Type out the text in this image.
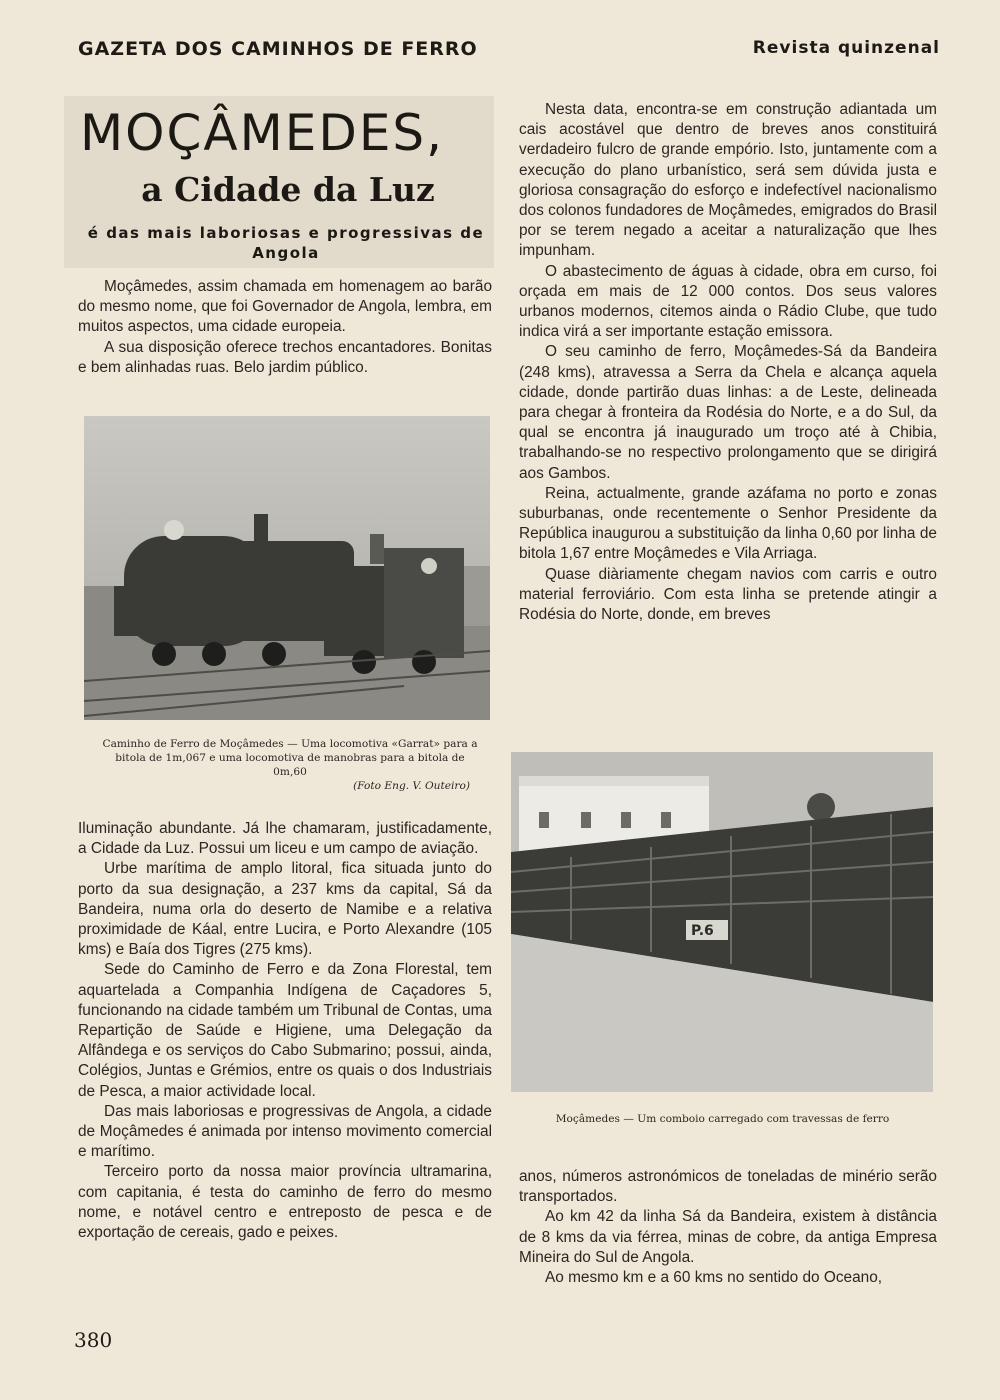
GAZETA DOS CAMINHOS DE FERRO	Revista quinzenal
MOÇÂMEDES,
a Cidade da Luz
é das mais laboriosas e progressivas de Angola

Moçâmedes, assim chamada em homenagem ao barão do mesmo nome, que foi Governador de Angola, lembra, em muitos aspectos, uma cidade europeia.

A sua disposição oferece trechos encantadores. Bonitas e bem alinhadas ruas. Belo jardim público.

Caminho de Ferro de Moçâmedes — Uma locomotiva «Garrat» para a bitola de 1m,067 e uma locomotiva de manobras para a bitola de 0m,60
(Foto Eng. V. Outeiro)

Iluminação abundante. Já lhe chamaram, justificadamente, a Cidade da Luz. Possui um liceu e um campo de aviação.

Urbe marítima de amplo litoral, fica situada junto do porto da sua designação, a 237 kms da capital, Sá da Bandeira, numa orla do deserto de Namibe e a relativa proximidade de Káal, entre Lucira, e Porto Alexandre (105 kms) e Baía dos Tigres (275 kms).

Sede do Caminho de Ferro e da Zona Florestal, tem aquartelada a Companhia Indígena de Caçadores 5, funcionando na cidade também um Tribunal de Contas, uma Repartição de Saúde e Higiene, uma Delegação da Alfândega e os serviços do Cabo Submarino; possui, ainda, Colégios, Juntas e Grémios, entre os quais o dos Industriais de Pesca, a maior actividade local.

Das mais laboriosas e progressivas de Angola, a cidade de Moçâmedes é animada por intenso movimento comercial e marítimo.

Terceiro porto da nossa maior província ultramarina, com capitania, é testa do caminho de ferro do mesmo nome, e notável centro e entreposto de pesca e de exportação de cereais, gado e peixes.

Nesta data, encontra-se em construção adiantada um cais acostável que dentro de breves anos constituirá verdadeiro fulcro de grande empório. Isto, juntamente com a execução do plano urbanístico, será sem dúvida justa e gloriosa consagração do esforço e indefectível nacionalismo dos colonos fundadores de Moçâmedes, emigrados do Brasil por se terem negado a aceitar a naturalização que lhes impunham.

O abastecimento de águas à cidade, obra em curso, foi orçada em mais de 12 000 contos. Dos seus valores urbanos modernos, citemos ainda o Rádio Clube, que tudo indica virá a ser importante estação emissora.

O seu caminho de ferro, Moçâmedes-Sá da Bandeira (248 kms), atravessa a Serra da Chela e alcança aquela cidade, donde partirão duas linhas: a de Leste, delineada para chegar à fronteira da Rodésia do Norte, e a do Sul, da qual se encontra já inaugurado um troço até à Chibia, trabalhando-se no respectivo prolongamento que se dirigirá aos Gambos.

Reina, actualmente, grande azáfama no porto e zonas suburbanas, onde recentemente o Senhor Presidente da República inaugurou a substituição da linha 0,60 por linha de bitola 1,67 entre Moçâmedes e Vila Arriaga.

Quase diàriamente chegam navios com carris e outro material ferroviário. Com esta linha se pretende atingir a Rodésia do Norte, donde, em breves

P.6
Moçâmedes — Um comboio carregado com travessas de ferro

anos, números astronómicos de toneladas de minério serão transportados.

Ao km 42 da linha Sá da Bandeira, existem à distância de 8 kms da via férrea, minas de cobre, da antiga Empresa Mineira do Sul de Angola.

Ao mesmo km e a 60 kms no sentido do Oceano,

380
